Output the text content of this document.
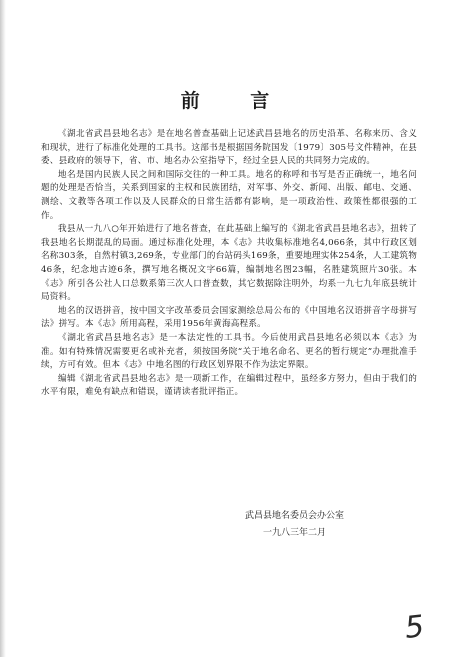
前 言

《湖北省武昌县地名志》是在地名普查基础上记述武昌县地名的历史沿革、名称来历、含义和现状，进行了标准化处理的工具书。这部书是根据国务院国发〔1979〕305号文件精神，在县委、县政府的领导下，省、市、地名办公室指导下，经过全县人民的共同努力完成的。

地名是国内民族人民之间和国际交往的一种工具。地名的称呼和书写是否正确统一，地名问题的处理是否恰当，关系到国家的主权和民族团结，对军事、外交、新闻、出版、邮电、交通、测绘、文教等各项工作以及人民群众的日常生活都有影响，是一项政治性、政策性都很强的工作。

我县从一九八○年开始进行了地名普查，在此基础上编写的《湖北省武昌县地名志》，扭转了我县地名长期混乱的局面。通过标准化处理，本《志》共收集标准地名4,066条，其中行政区划名称303条，自然村镇3,269条，专业部门的台站码头169条，重要地理实体254条，人工建筑物46条，纪念地古迹6条，撰写地名概况文字66篇，编制地名图23幅，名胜建筑照片30张。本《志》所引各公社人口总数系第三次人口普查数，其它数据除注明外，均系一九七九年底县统计局资料。

地名的汉语拼音，按中国文字改革委员会国家测绘总局公布的《中国地名汉语拼音字母拼写法》拼写。本《志》所用高程，采用1956年黄海高程系。

《湖北省武昌县地名志》是一本法定性的工具书。今后使用武昌县地名必须以本《志》为准。如有特殊情况需要更名或补充者，须按国务院“关于地名命名、更名的暂行规定”办理批准手续，方可有效。但本《志》中地名图的行政区划界限不作为法定界限。

编辑《湖北省武昌县地名志》是一项新工作，在编辑过程中，虽经多方努力，但由于我们的水平有限，难免有缺点和错误，谨请读者批评指正。

武昌县地名委员会办公室
一九八三年二月
5
